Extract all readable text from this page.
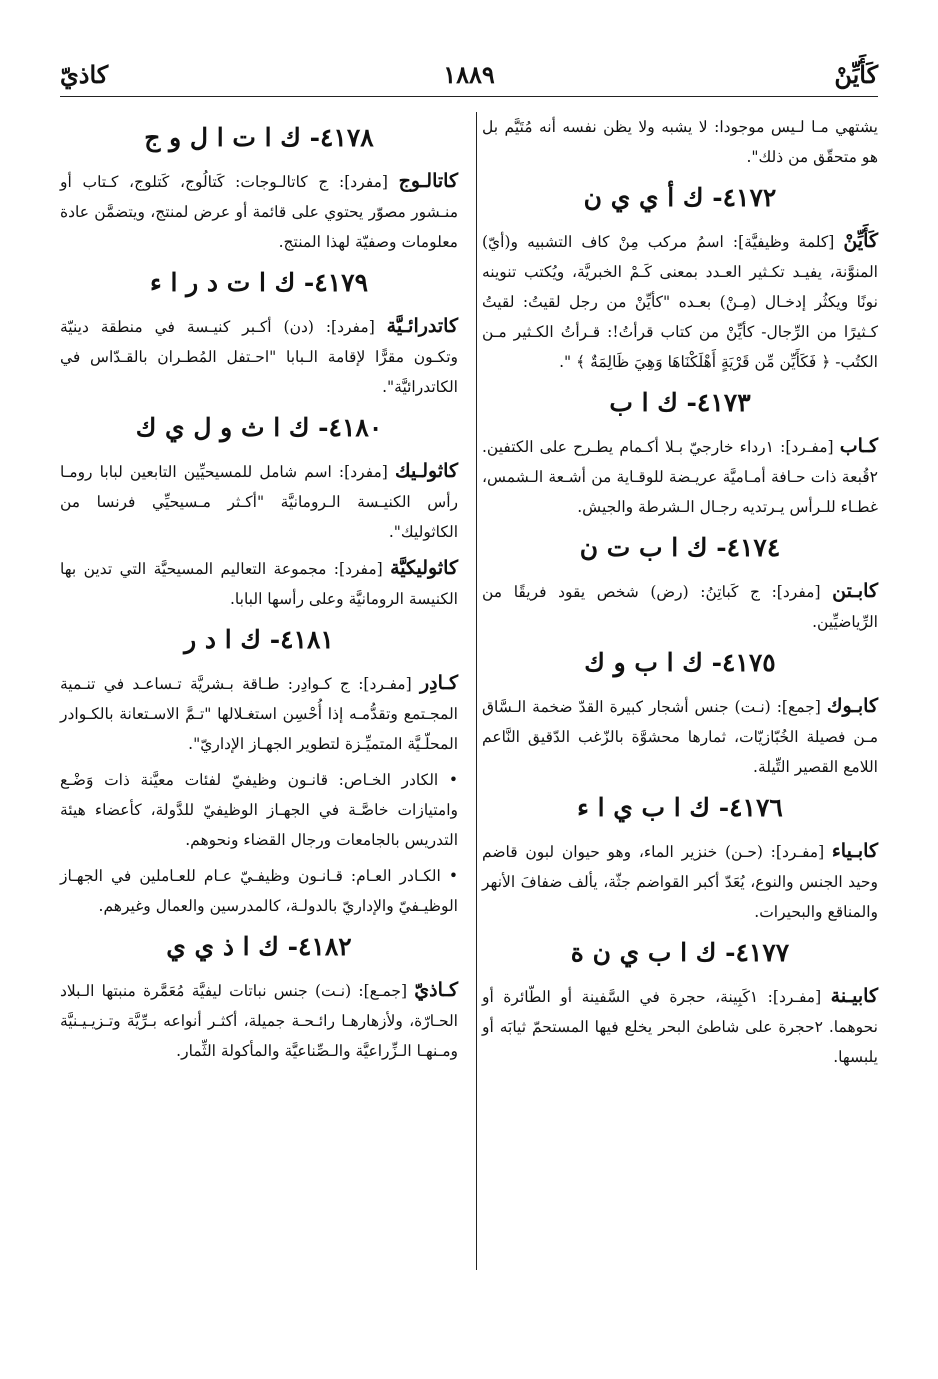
كَأَيِّنْ
١٨٨٩
كاذيّ

يشتهي مـا لـيس موجودا: لا يشبه ولا يظن نفسه أنه مُتَيَّم بل هو متحقّق من ذلك".

٤١٧٢- ك أ ي ي ن

كَأَيِّنْ [كلمة وظيفيَّة]: اسمُ مركب مِنْ كاف التشبيه و(أيّ) المنوَّنة، يفيـد تكـثير العـدد بمعنى كَـمْ الخبريَّة، ويُكتب تنوينه نونًا ويكثُر إدخـال (مِـنْ) بعـده "كأيِّنْ من رجل لقيتُ: لقيتُ كـثيرًا من الرِّجال- كأيِّنْ من كتاب قرأتُ!: قـرأتُ الكـثير مـن الكتُب- ﴿ فَكَأَيِّن مِّن قَرْيَةٍ أَهْلَكْنَاهَا وَهِيَ ظَالِمَةٌ ﴾ ".

٤١٧٣- ك ا ب

كـاب [مفـرد]: ١رداء خارجيّ بـلا أكـمام يطـرح على الكتفين. ٢قُبعة ذات حـافة أمـاميَّة عريـضة للوقـاية من أشـعة الـشمس، غطـاء للـرأس يـرتديه رجـال الـشرطة والجيش.

٤١٧٤- ك ا ب ت ن

كابـتن [مفرد]: ج كَباتِنُ: (رض) شخص يقود فريقًا من الرِّياضيِّين.

٤١٧٥- ك ا ب و ك

كابـوك [جمع]: (نـت) جنس أشجار كبيرة القدّ ضخمة الـسَّاق مـن فصيلة الخُبّازيّات، ثمارها محشوَّة بالزّغب الدّقيق النَّاعم اللامع القصير التِّيلة.

٤١٧٦- ك ا ب ي ا ء

كابـياء [مفـرد]: (حـن) خنزير الماء، وهو حيوان لبون قاضم وحيد الجنس والنوع، يُعَدّ أكبر القواضم جثّة، يألف ضفافَ الأنهر والمناقع والبحيرات.

٤١٧٧- ك ا ب ي ن ة

كابيـنة [مفـرد]: ١كَبِينة، حجرة في السَّفينة أو الطّائرة أو نحوهما. ٢حجرة على شاطئ البحر يخلع فيها المستحمّ ثيابَه أو يلبسها.

٤١٧٨- ك ا ت ا ل و ج

كاتالـوج [مفرد]: ج كاتالـوجات: كَتالُوج، كَتلوج، كـتاب أو منـشور مصوّر يحتوي على قائمة أو عرض لمنتج، ويتضمَّن عادة معلومات وصفيّة لهذا المنتج.

٤١٧٩- ك ا ت د ر ا ء

كاتدرائـيَّة [مفرد]: (دن) أكـبر كنيـسة في منطقة دينيّة وتكـون مقرًّا لإقامة الـبابا "احـتفل المُطـران بالقـدّاس في الكاتدرائيَّة".

٤١٨٠- ك ا ث و ل ي ك

كاثولـيك [مفرد]: اسم شامل للمسيحيِّين التابعين لبابا رومـا رأس الكنيـسة الـرومانيَّة "أكـثر مـسيحيِّي فرنسا من الكاثوليك".

كاثوليكيَّة [مفرد]: مجموعة التعاليم المسيحيَّة التي تدين بها الكنيسة الرومانيَّة وعلى رأسها البابا.

٤١٨١- ك ا د ر

كـادِر [مفـرد]: ج كـوادِر: طـاقة بـشريَّة تـساعـد في تنـمية المجـتمع وتقدُّمـه إذا أُحْسِن استغـلالها "تـمَّ الاسـتعانة بالكـوادر المحلّـيَّة المتميِّـزة لتطوير الجهـاز الإداريّ".

• الكادر الخـاص: قانـون وظيفيّ لفئات معيَّنة ذات وَضْـع وامتيازات خاصَّـة في الجهـاز الوظيفيّ للدَّولة، كأعضاء هيئة التدريس بالجامعات ورجال القضاء ونحوهم.

• الكـادر العـام: قـانـون وظيفـيّ عـام للعـاملين في الجهـاز الوظيـفيّ والإداريّ بالدولـة، كالمدرسين والعمال وغيرهم.

٤١٨٢- ك ا ذ ي ي

كـاذيّ [جمـع]: (نـت) جنس نباتات ليفيَّة مُعَمَّرة منبتها الـبلاد الحـارّة، ولأزهارهـا رائـحـة جميلة، أكثـر أنواعه بـرِّيَّة وتـزيـيـنيَّة ومـنهـا الـزِّراعيَّة والـصِّناعيَّة والمأكولة الثِّمار.
